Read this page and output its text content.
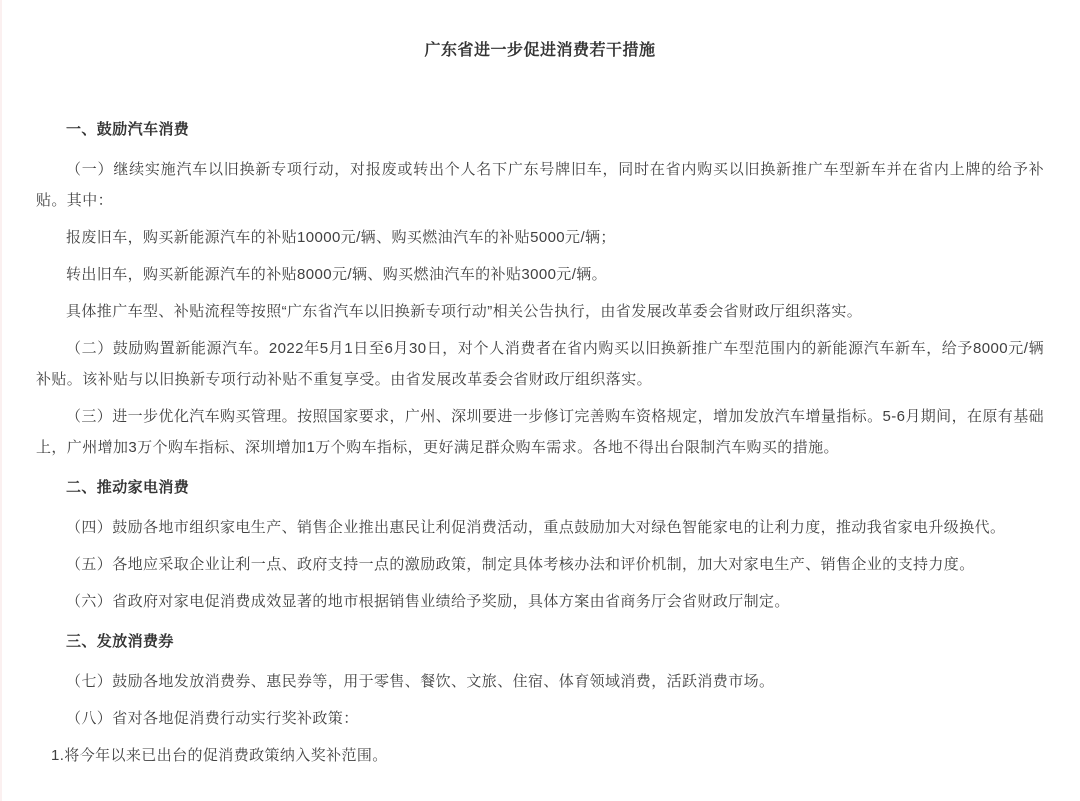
广东省进一步促进消费若干措施
一、鼓励汽车消费

（一）继续实施汽车以旧换新专项行动，对报废或转出个人名下广东号牌旧车，同时在省内购买以旧换新推广车型新车并在省内上牌的给予补贴。其中：

报废旧车，购买新能源汽车的补贴10000元/辆、购买燃油汽车的补贴5000元/辆；

转出旧车，购买新能源汽车的补贴8000元/辆、购买燃油汽车的补贴3000元/辆。

具体推广车型、补贴流程等按照“广东省汽车以旧换新专项行动”相关公告执行，由省发展改革委会省财政厅组织落实。

（二）鼓励购置新能源汽车。2022年5月1日至6月30日，对个人消费者在省内购买以旧换新推广车型范围内的新能源汽车新车，给予8000元/辆补贴。该补贴与以旧换新专项行动补贴不重复享受。由省发展改革委会省财政厅组织落实。

（三）进一步优化汽车购买管理。按照国家要求，广州、深圳要进一步修订完善购车资格规定，增加发放汽车增量指标。5-6月期间，在原有基础上，广州增加3万个购车指标、深圳增加1万个购车指标，更好满足群众购车需求。各地不得出台限制汽车购买的措施。

二、推动家电消费

（四）鼓励各地市组织家电生产、销售企业推出惠民让利促消费活动，重点鼓励加大对绿色智能家电的让利力度，推动我省家电升级换代。

（五）各地应采取企业让利一点、政府支持一点的激励政策，制定具体考核办法和评价机制，加大对家电生产、销售企业的支持力度。

（六）省政府对家电促消费成效显著的地市根据销售业绩给予奖励，具体方案由省商务厅会省财政厅制定。

三、发放消费券

（七）鼓励各地发放消费券、惠民券等，用于零售、餐饮、文旅、住宿、体育领域消费，活跃消费市场。

（八）省对各地促消费行动实行奖补政策：

1.将今年以来已出台的促消费政策纳入奖补范围。
